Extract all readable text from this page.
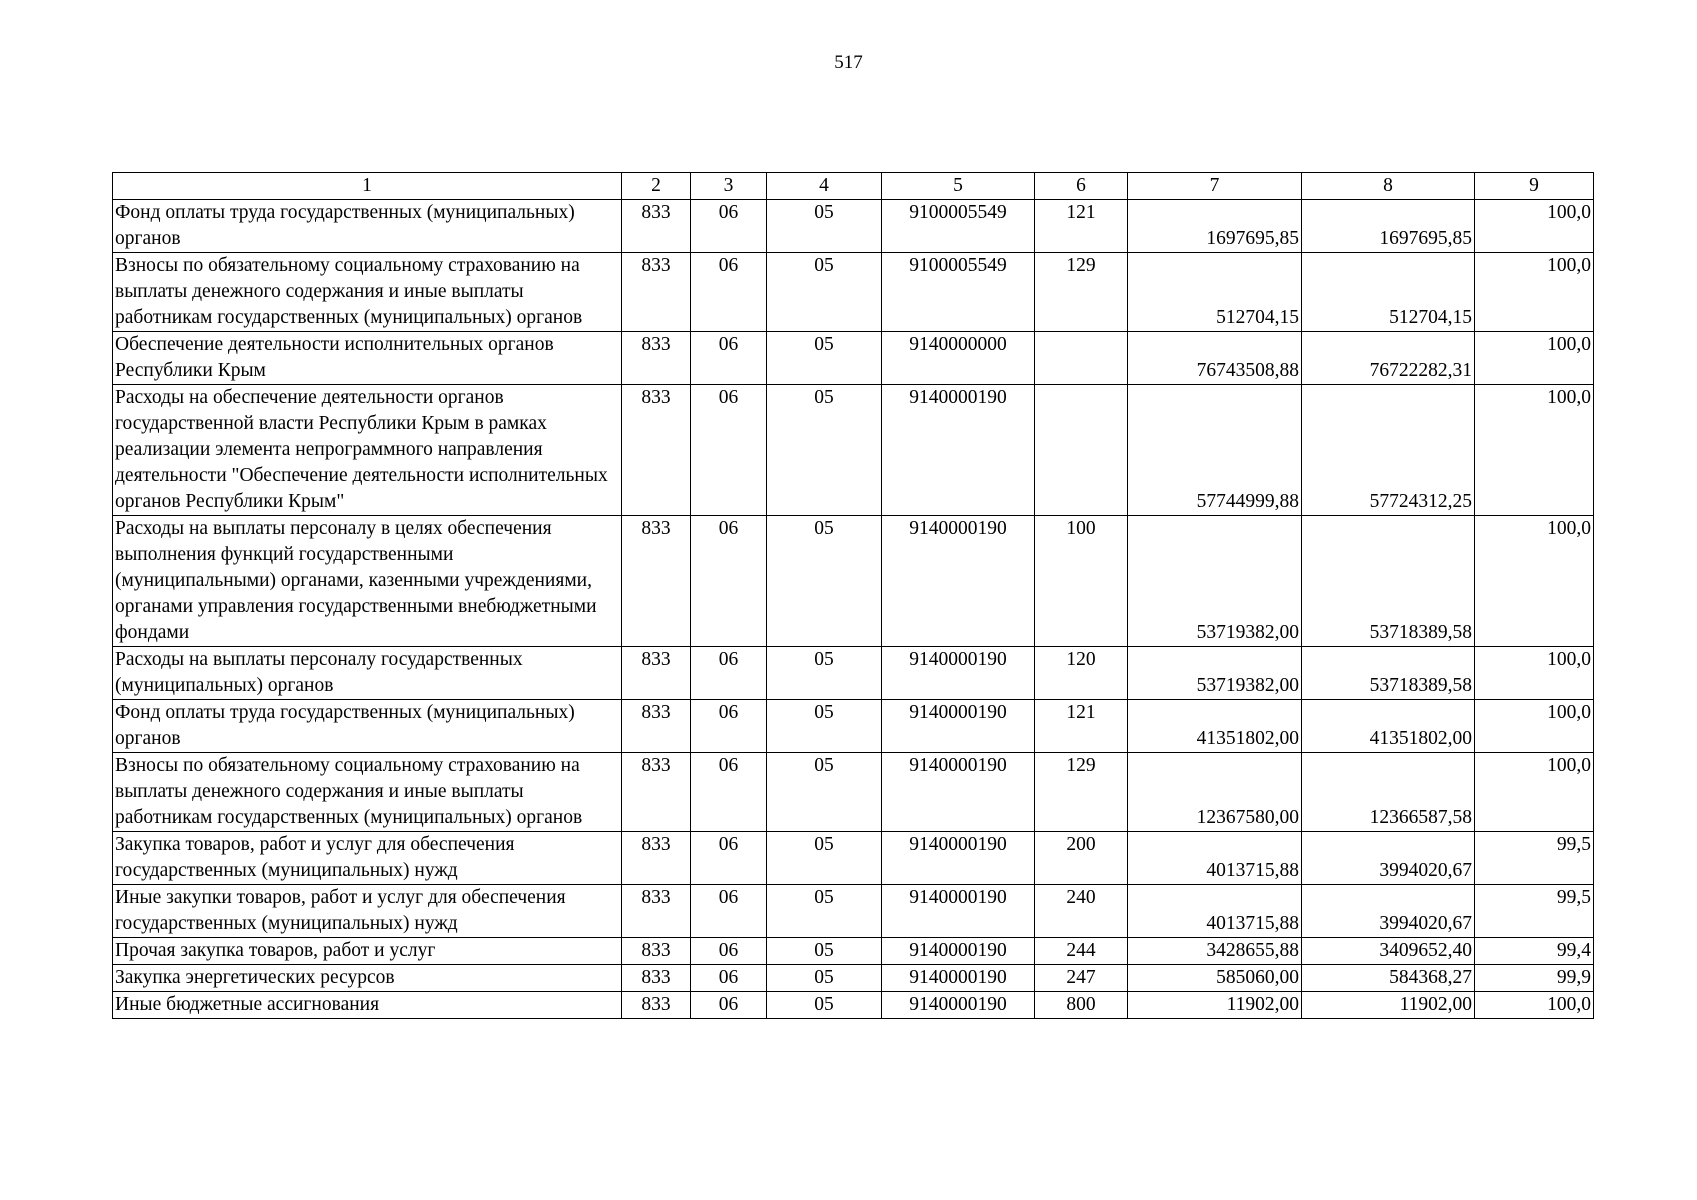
517
1	2	3	4	5	6	7	8	9
Фонд оплаты труда государственных (муниципальных) органов	833	06	05	9100005549	121	1697695,85	1697695,85	100,0
Взносы по обязательному социальному страхованию на выплаты денежного содержания и иные выплаты работникам государственных (муниципальных) органов	833	06	05	9100005549	129	512704,15	512704,15	100,0
Обеспечение деятельности исполнительных органов Республики Крым	833	06	05	9140000000		76743508,88	76722282,31	100,0
Расходы на обеспечение деятельности органов государственной власти Республики Крым в рамках реализации элемента непрограммного направления деятельности "Обеспечение деятельности исполнительных органов Республики Крым"	833	06	05	9140000190		57744999,88	57724312,25	100,0
Расходы на выплаты персоналу в целях обеспечения выполнения функций государственными (муниципальными) органами, казенными учреждениями, органами управления государственными внебюджетными фондами	833	06	05	9140000190	100	53719382,00	53718389,58	100,0
Расходы на выплаты персоналу государственных (муниципальных) органов	833	06	05	9140000190	120	53719382,00	53718389,58	100,0
Фонд оплаты труда государственных (муниципальных) органов	833	06	05	9140000190	121	41351802,00	41351802,00	100,0
Взносы по обязательному социальному страхованию на выплаты денежного содержания и иные выплаты работникам государственных (муниципальных) органов	833	06	05	9140000190	129	12367580,00	12366587,58	100,0
Закупка товаров, работ и услуг для обеспечения государственных (муниципальных) нужд	833	06	05	9140000190	200	4013715,88	3994020,67	99,5
Иные закупки товаров, работ и услуг для обеспечения государственных (муниципальных) нужд	833	06	05	9140000190	240	4013715,88	3994020,67	99,5
Прочая закупка товаров, работ и услуг	833	06	05	9140000190	244	3428655,88	3409652,40	99,4
Закупка энергетических ресурсов	833	06	05	9140000190	247	585060,00	584368,27	99,9
Иные бюджетные ассигнования	833	06	05	9140000190	800	11902,00	11902,00	100,0
